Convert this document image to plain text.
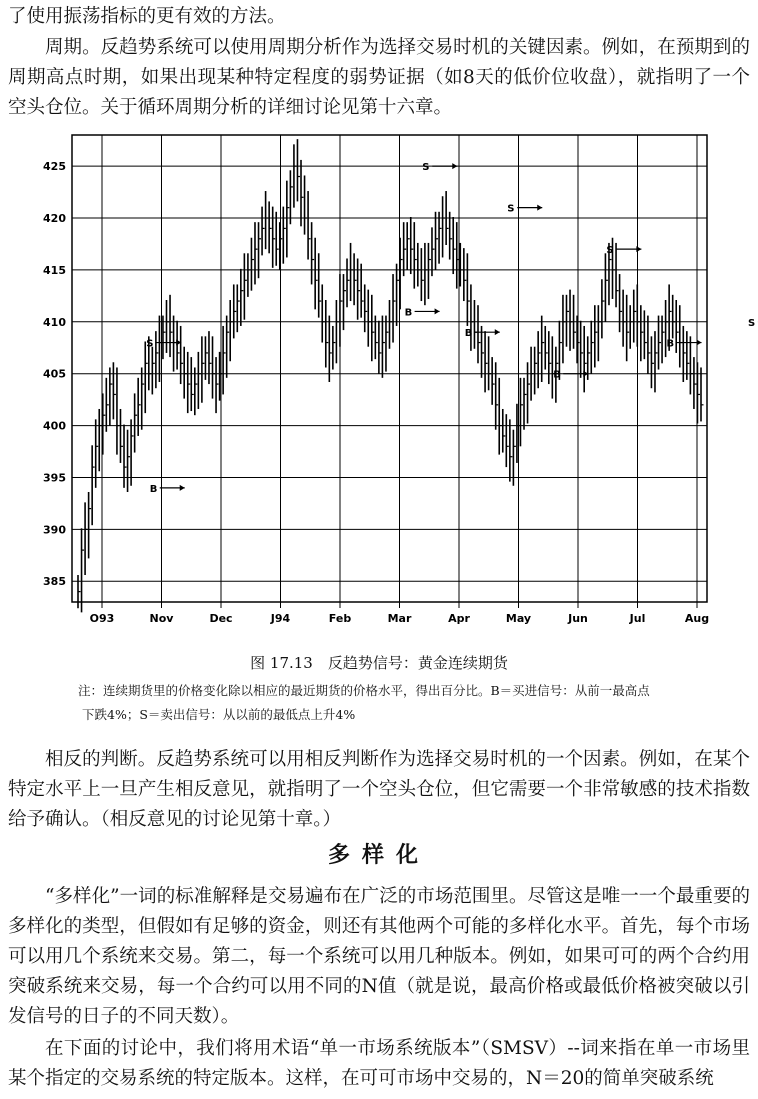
了使用振荡指标的更有效的方法。

周期。反趋势系统可以使用周期分析作为选择交易时机的关键因素。例如，在预期到的周期高点时期，如果出现某种特定程度的弱势证据（如8天的低价位收盘），就指明了一个空头仓位。关于循环周期分析的详细讨论见第十六章。

385
390
395
400
405
410
415
420
425
O93	Nov	Dec	J94	Feb	Mar	Apr	May	Jun	Jul	Aug
B
S
B
S
B
S
B
S
B
S
图 17.13　反趋势信号：黄金连续期货
注：连续期货里的价格变化除以相应的最近期货的价格水平，得出百分比。B＝买进信号：从前一最高点
下跌4%；S＝卖出信号：从以前的最低点上升4%

相反的判断。反趋势系统可以用相反判断作为选择交易时机的一个因素。例如，在某个特定水平上一旦产生相反意见，就指明了一个空头仓位，但它需要一个非常敏感的技术指数给予确认。（相反意见的讨论见第十章。）

多样化

“多样化”一词的标准解释是交易遍布在广泛的市场范围里。尽管这是唯一一个最重要的多样化的类型，但假如有足够的资金，则还有其他两个可能的多样化水平。首先，每个市场可以用几个系统来交易。第二，每一个系统可以用几种版本。例如，如果可可的两个合约用突破系统来交易，每一个合约可以用不同的N值（就是说，最高价格或最低价格被突破以引发信号的日子的不同天数）。

在下面的讨论中，我们将用术语“单一市场系统版本”（SMSV）--词来指在单一市场里某个指定的交易系统的特定版本。这样，在可可市场中交易的，N＝20的简单突破系统
